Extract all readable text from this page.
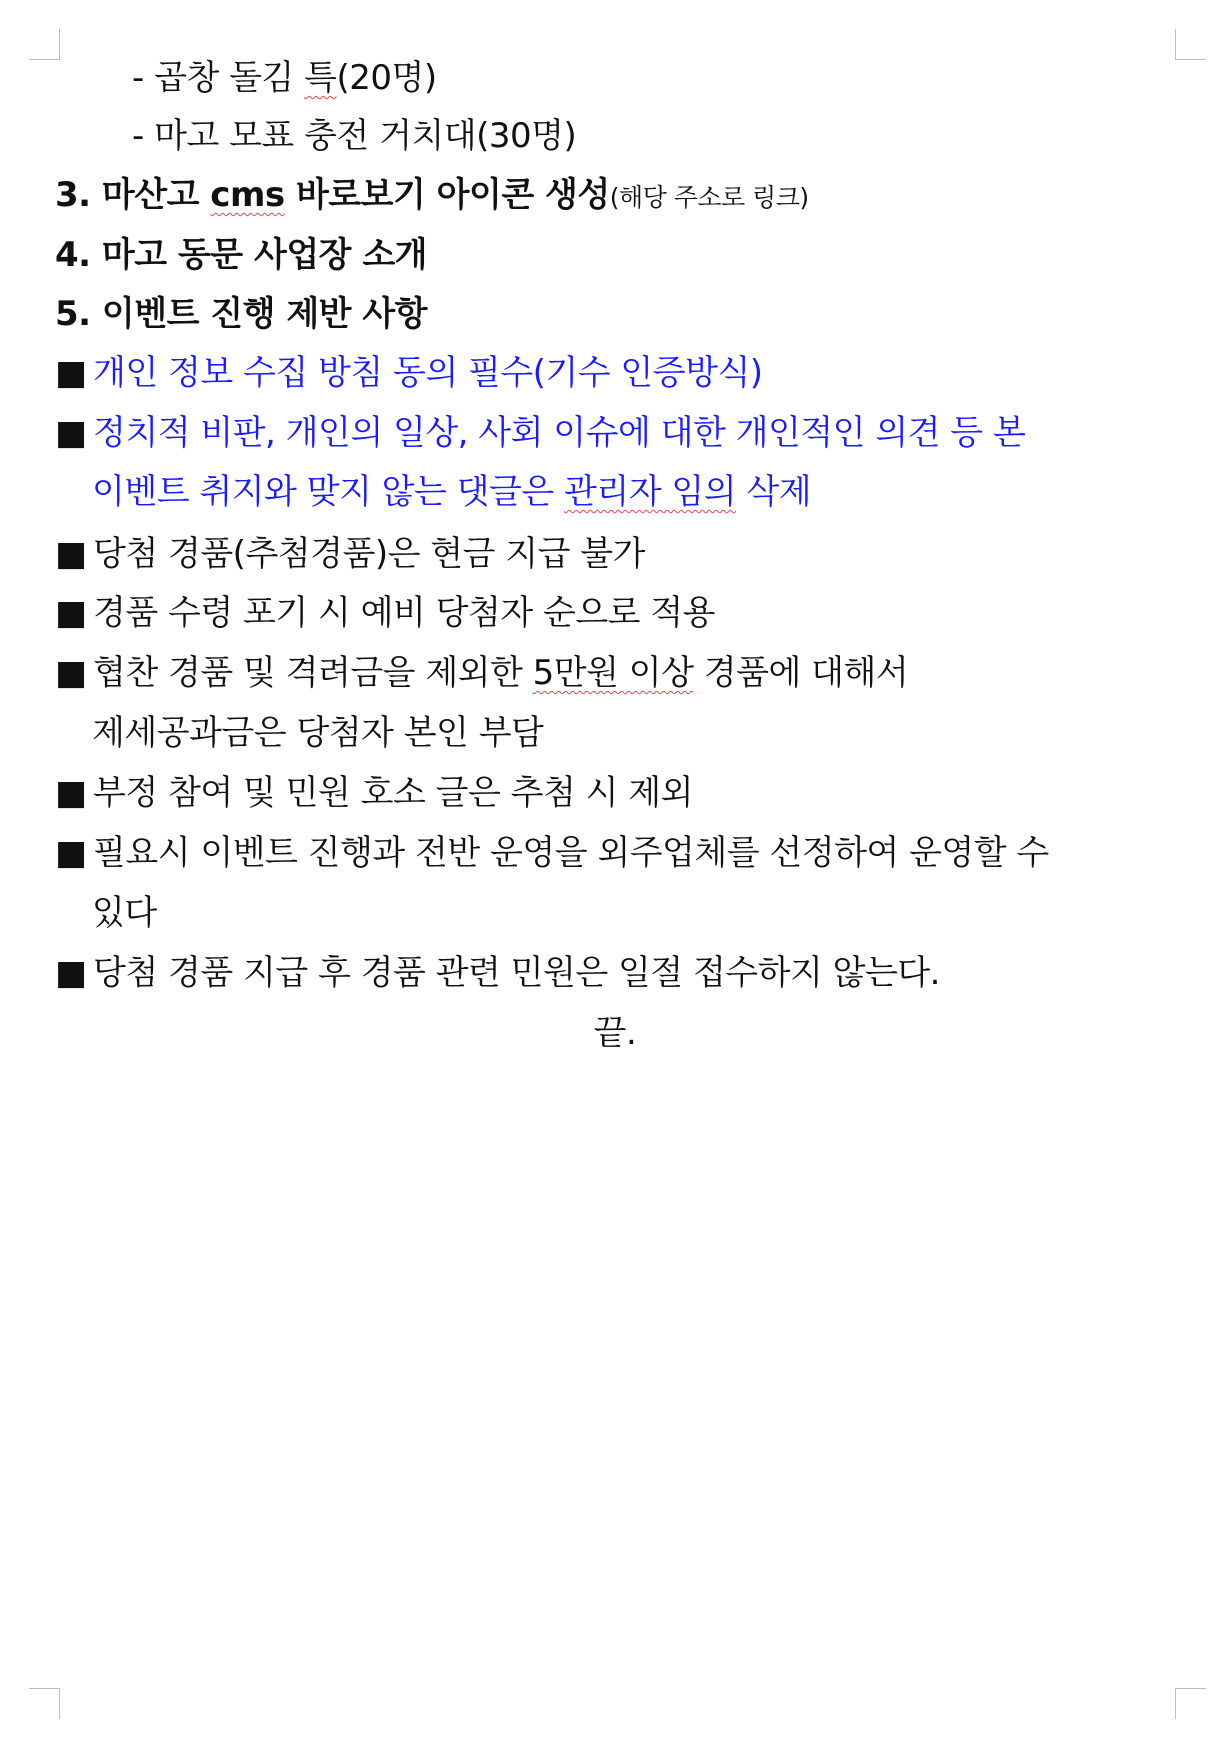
- 곱창 돌김 특(20명)
- 마고 모표 충전 거치대(30명)
3. 마산고 cms 바로보기 아이콘 생성(해당 주소로 링크)
4. 마고 동문 사업장 소개
5. 이벤트 진행 제반 사항
■ 개인 정보 수집 방침 동의 필수(기수 인증방식)
■ 정치적 비판, 개인의 일상, 사회 이슈에 대한 개인적인 의견 등 본
이벤트 취지와 맞지 않는 댓글은 관리자 임의 삭제
■ 당첨 경품(추첨경품)은 현금 지급 불가
■ 경품 수령 포기 시 예비 당첨자 순으로 적용
■ 협찬 경품 및 격려금을 제외한 5만원 이상 경품에 대해서
제세공과금은 당첨자 본인 부담
■ 부정 참여 및 민원 호소 글은 추첨 시 제외
■ 필요시 이벤트 진행과 전반 운영을 외주업체를 선정하여 운영할 수
있다
■ 당첨 경품 지급 후 경품 관련 민원은 일절 접수하지 않는다.
끝.
